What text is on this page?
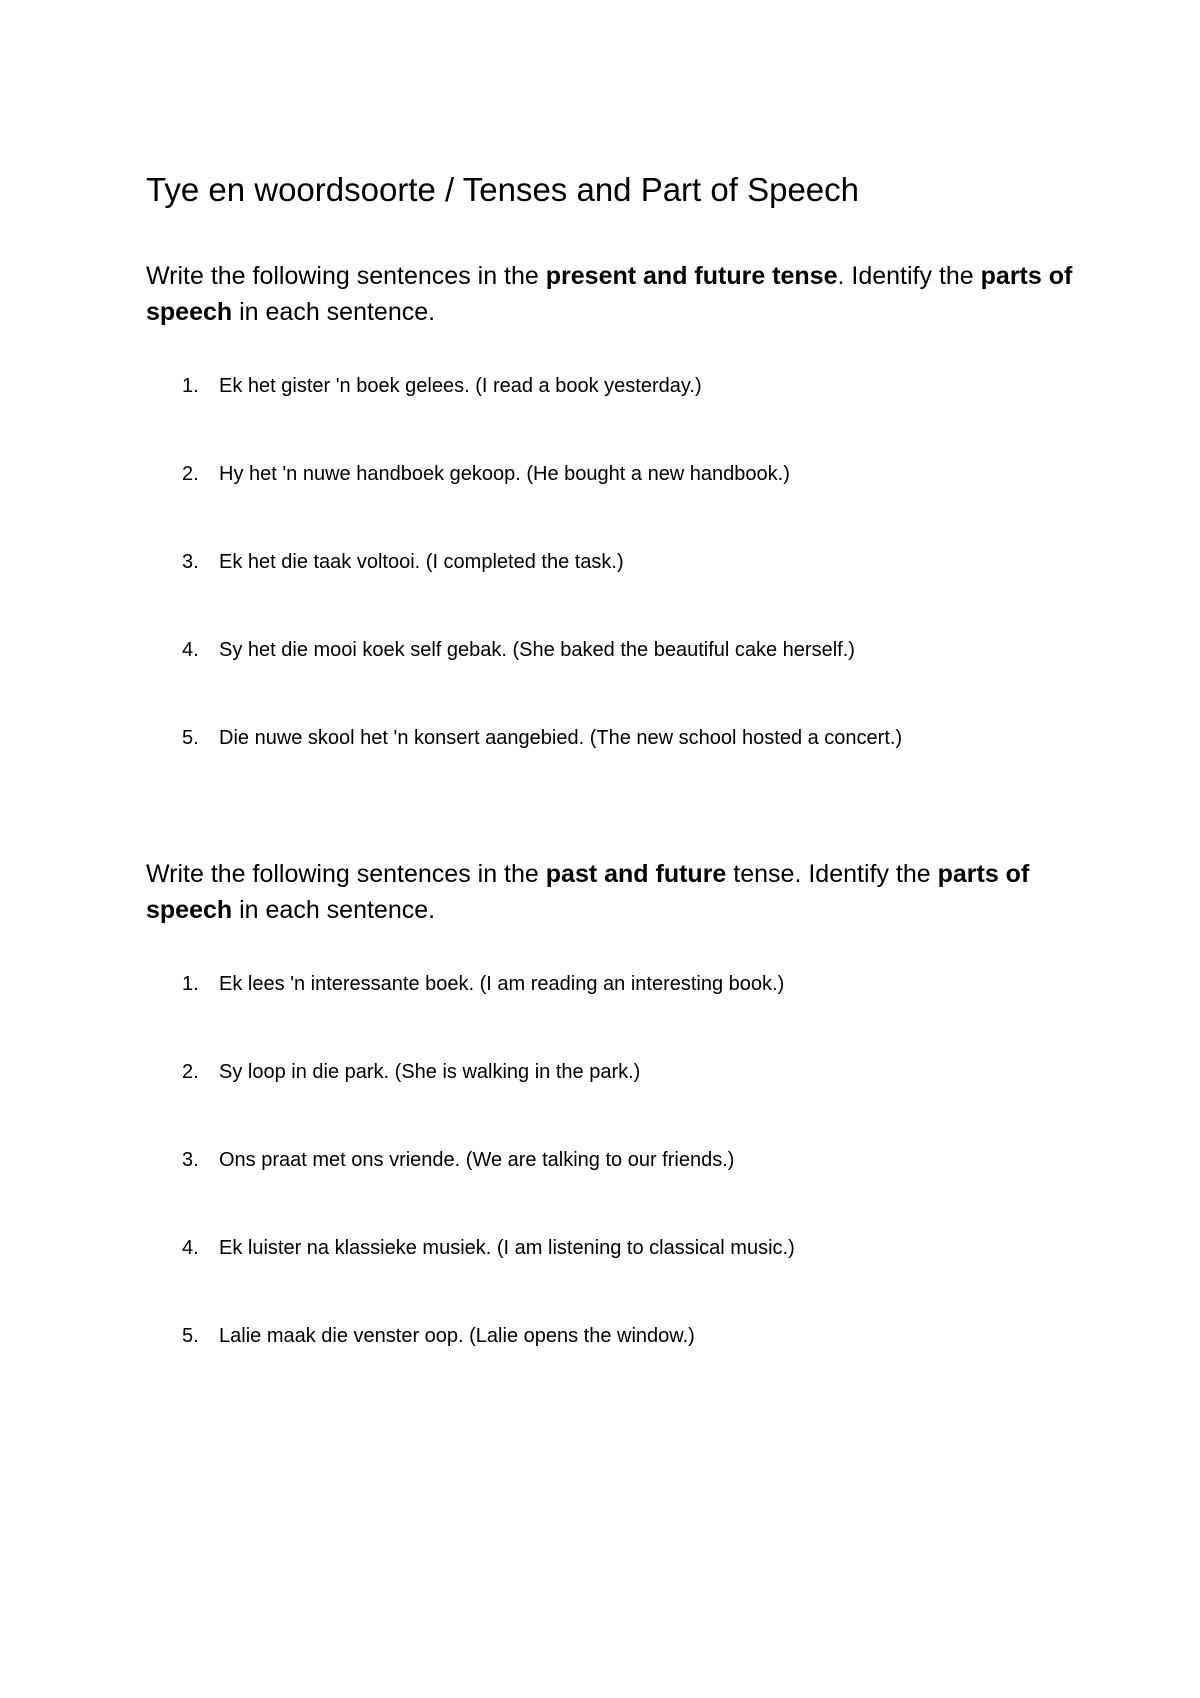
Tye en woordsoorte / Tenses and Part of Speech

Write the following sentences in the present and future tense. Identify the parts of speech in each sentence.

1.	Ek het gister 'n boek gelees. (I read a book yesterday.)
2.	Hy het 'n nuwe handboek gekoop. (He bought a new handbook.)
3.	Ek het die taak voltooi. (I completed the task.)
4.	Sy het die mooi koek self gebak. (She baked the beautiful cake herself.)
5.	Die nuwe skool het 'n konsert aangebied. (The new school hosted a concert.)

Write the following sentences in the past and future tense. Identify the parts of speech in each sentence.

1.	Ek lees 'n interessante boek. (I am reading an interesting book.)
2.	Sy loop in die park. (She is walking in the park.)
3.	Ons praat met ons vriende. (We are talking to our friends.)
4.	Ek luister na klassieke musiek. (I am listening to classical music.)
5.	Lalie maak die venster oop. (Lalie opens the window.)
